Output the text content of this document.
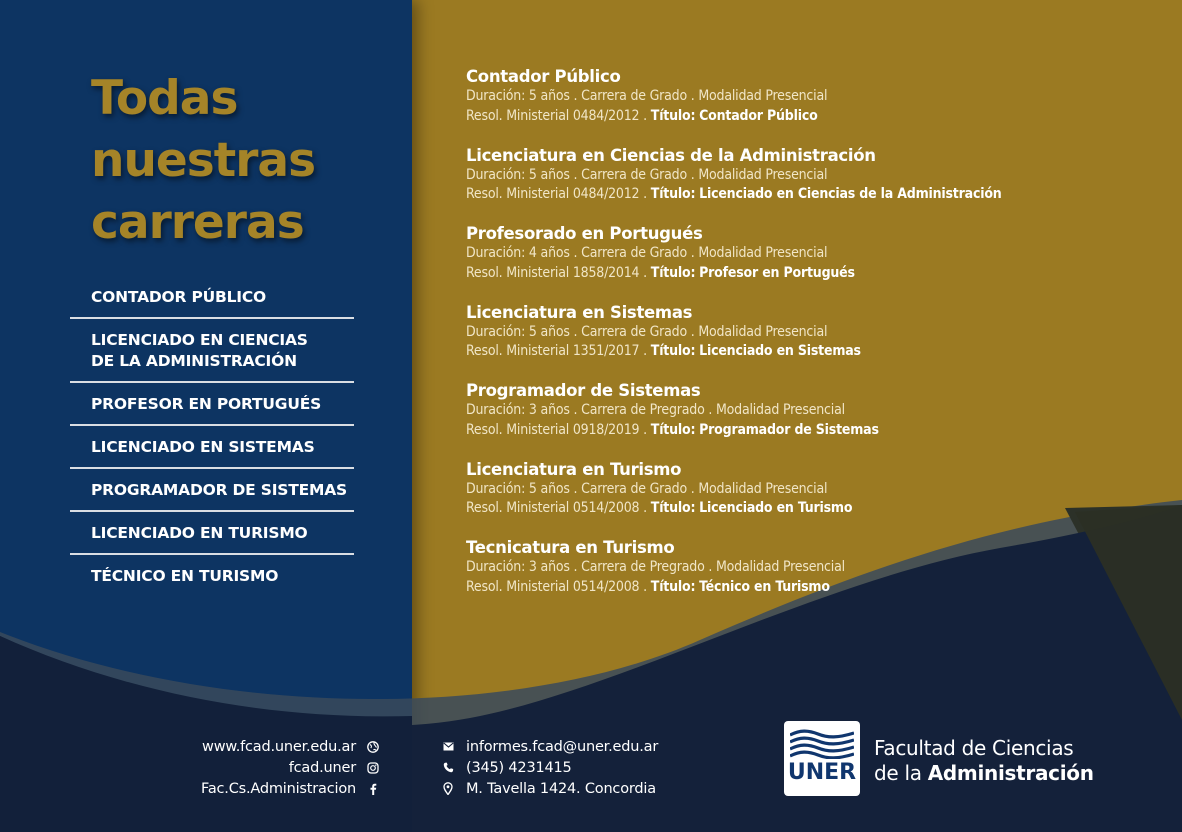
Todas
nuestras
carreras
CONTADOR PÚBLICO
LICENCIADO EN CIENCIAS
DE LA ADMINISTRACIÓN
PROFESOR EN PORTUGUÉS
LICENCIADO EN SISTEMAS
PROGRAMADOR DE SISTEMAS
LICENCIADO EN TURISMO
TÉCNICO EN TURISMO
Contador Público
Duración: 5 años . Carrera de Grado . Modalidad Presencial
Resol. Ministerial 0484/2012 . Título: Contador Público
Licenciatura en Ciencias de la Administración
Duración: 5 años . Carrera de Grado . Modalidad Presencial
Resol. Ministerial 0484/2012 . Título: Licenciado en Ciencias de la Administración
Profesorado en Portugués
Duración: 4 años . Carrera de Grado . Modalidad Presencial
Resol. Ministerial 1858/2014 . Título: Profesor en Portugués
Licenciatura en Sistemas
Duración: 5 años . Carrera de Grado . Modalidad Presencial
Resol. Ministerial 1351/2017 . Título: Licenciado en Sistemas
Programador de Sistemas
Duración: 3 años . Carrera de Pregrado . Modalidad Presencial
Resol. Ministerial 0918/2019 . Título: Programador de Sistemas
Licenciatura en Turismo
Duración: 5 años . Carrera de Grado . Modalidad Presencial
Resol. Ministerial 0514/2008 . Título: Licenciado en Turismo
Tecnicatura en Turismo
Duración: 3 años . Carrera de Pregrado . Modalidad Presencial
Resol. Ministerial 0514/2008 . Título: Técnico en Turismo
www.fcad.uner.edu.ar
fcad.uner
Fac.Cs.Administracion
informes.fcad@uner.edu.ar
(345) 4231415
M. Tavella 1424. Concordia
UNER
Facultad de Ciencias
de la Administración
